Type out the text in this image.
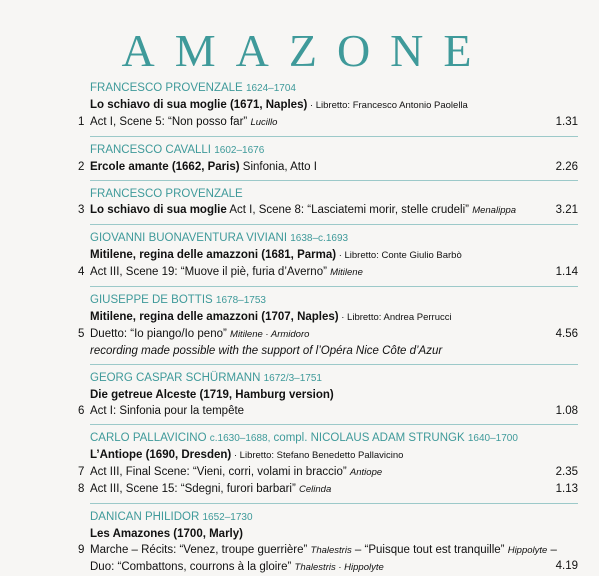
AMAZONE
FRANCESCO PROVENZALE 1624–1704
Lo schiavo di sua moglie (1671, Naples) · Libretto: Francesco Antonio Paolella
1 Act I, Scene 5: “Non posso far” Lucillo	1.31
FRANCESCO CAVALLI 1602–1676
2 Ercole amante (1662, Paris) Sinfonia, Atto I	2.26
FRANCESCO PROVENZALE
3 Lo schiavo di sua moglie Act I, Scene 8: “Lasciatemi morir, stelle crudeli” Menalippa	3.21
GIOVANNI BUONAVENTURA VIVIANI 1638–c.1693
Mitilene, regina delle amazzoni (1681, Parma) · Libretto: Conte Giulio Barbò
4 Act III, Scene 19: “Muove il piè, furia d’Averno” Mitilene	1.14
GIUSEPPE DE BOTTIS 1678–1753
Mitilene, regina delle amazzoni (1707, Naples) · Libretto: Andrea Perrucci
5 Duetto: “Io piango/Io peno” Mitilene · Armidoro	4.56
recording made possible with the support of l’Opéra Nice Côte d’Azur
GEORG CASPAR SCHÜRMANN 1672/3–1751
Die getreue Alceste (1719, Hamburg version)
6 Act I: Sinfonia pour la tempête	1.08
CARLO PALLAVICINO c.1630–1688, compl. NICOLAUS ADAM STRUNGK 1640–1700
L’Antiope (1690, Dresden) · Libretto: Stefano Benedetto Pallavicino
7 Act III, Final Scene: “Vieni, corri, volami in braccio” Antiope	2.35
8 Act III, Scene 15: “Sdegni, furori barbari” Celinda	1.13
DANICAN PHILIDOR 1652–1730
Les Amazones (1700, Marly)
9 Marche – Récits: “Venez, troupe guerrière” Thalestris – “Puisque tout est tranquille” Hippolyte –
Duo: “Combattons, courrons à la gloire” Thalestris · Hippolyte	4.19
